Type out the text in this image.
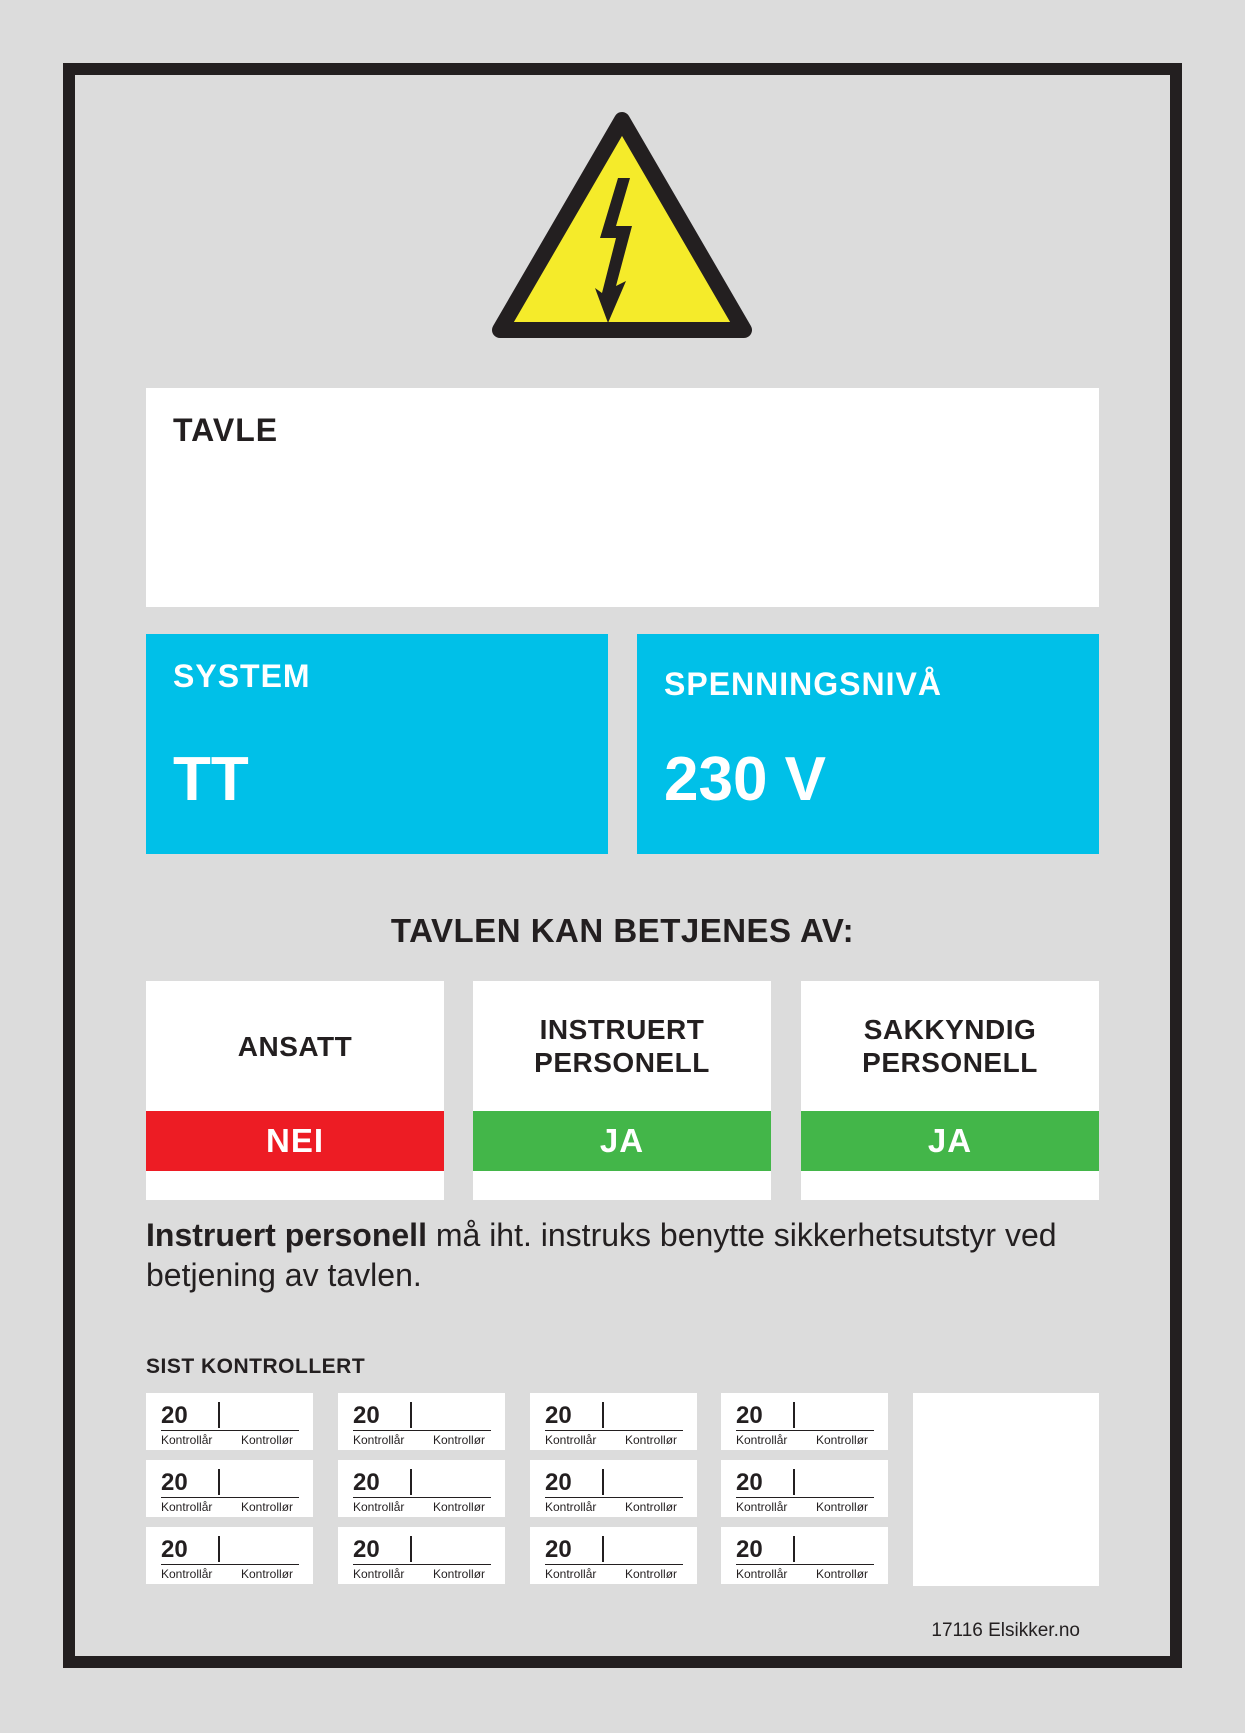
TAVLE
SYSTEM
TT
SPENNINGSNIVÅ
230 V
TAVLEN KAN BETJENES AV:
ANSATT
NEI
INSTRUERT
PERSONELL
JA
SAKKYNDIG
PERSONELL
JA
Instruert personell må iht. instruks benytte sikkerhetsutstyr ved betjening av tavlen.
SIST KONTROLLERT
20
Kontrollår Kontrollør
20
Kontrollår Kontrollør
20
Kontrollår Kontrollør
20
Kontrollår Kontrollør
20
Kontrollår Kontrollør
20
Kontrollår Kontrollør
20
Kontrollår Kontrollør
20
Kontrollår Kontrollør
20
Kontrollår Kontrollør
20
Kontrollår Kontrollør
20
Kontrollår Kontrollør
20
Kontrollår Kontrollør
17116 Elsikker.no
